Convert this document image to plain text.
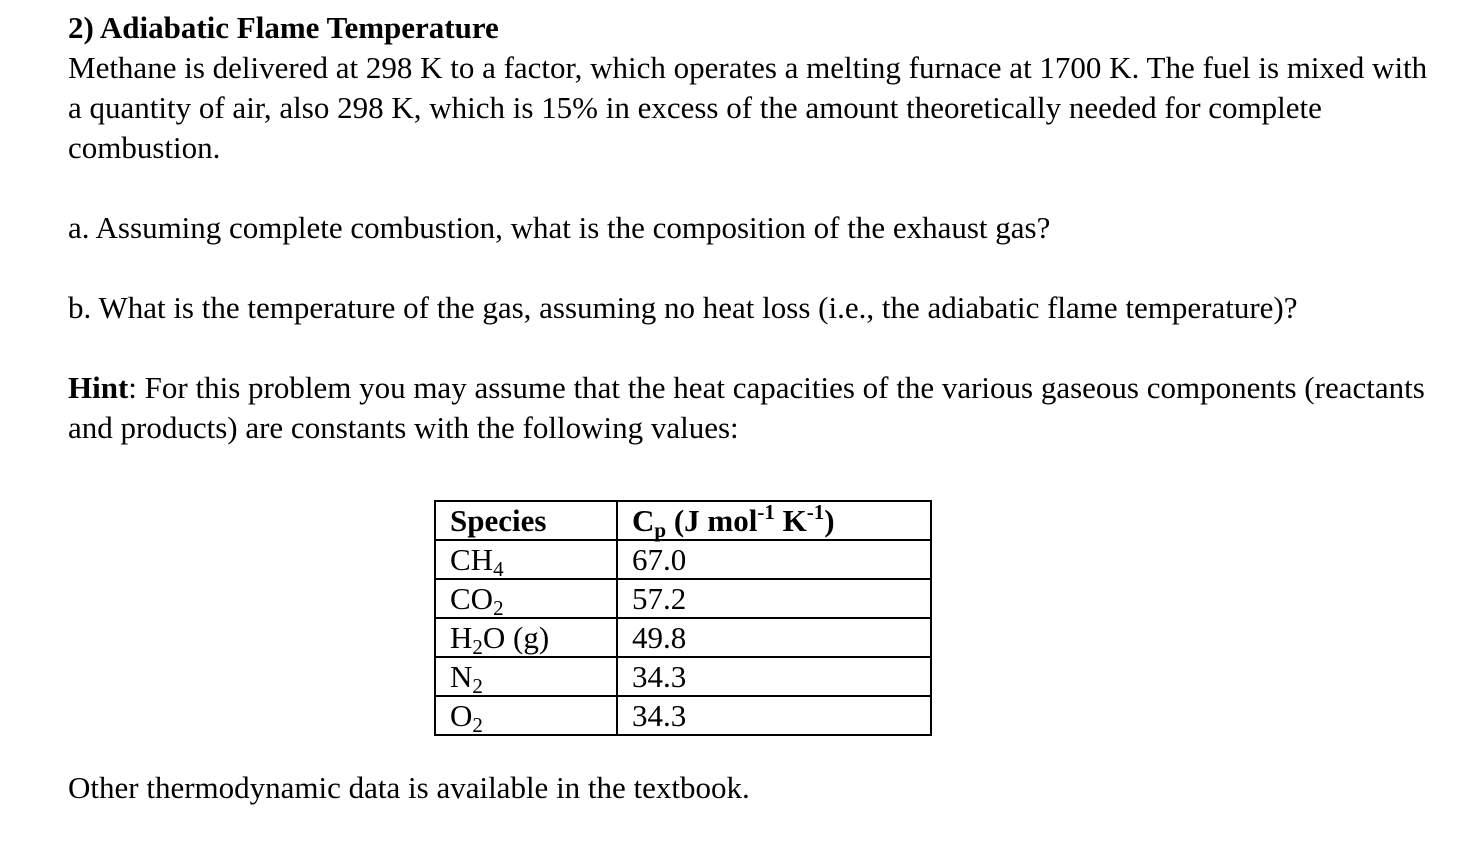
2) Adiabatic Flame Temperature

Methane is delivered at 298 K to a factor, which operates a melting furnace at 1700 K. The fuel is mixed with a quantity of air, also 298 K, which is 15% in excess of the amount theoretically needed for complete combustion.

a. Assuming complete combustion, what is the composition of the exhaust gas?

b. What is the temperature of the gas, assuming no heat loss (i.e., the adiabatic flame temperature)?

Hint: For this problem you may assume that the heat capacities of the various gaseous components (reactants and products) are constants with the following values:

Species	$C_p$ (J mol$^{-1}$ $K^{-1}$)
$CH_4$	67.0
$CO_2$	57.2
$H_2O$ (g)	49.8
$N_2$	34.3
$O_2$	34.3

Other thermodynamic data is available in the textbook.
